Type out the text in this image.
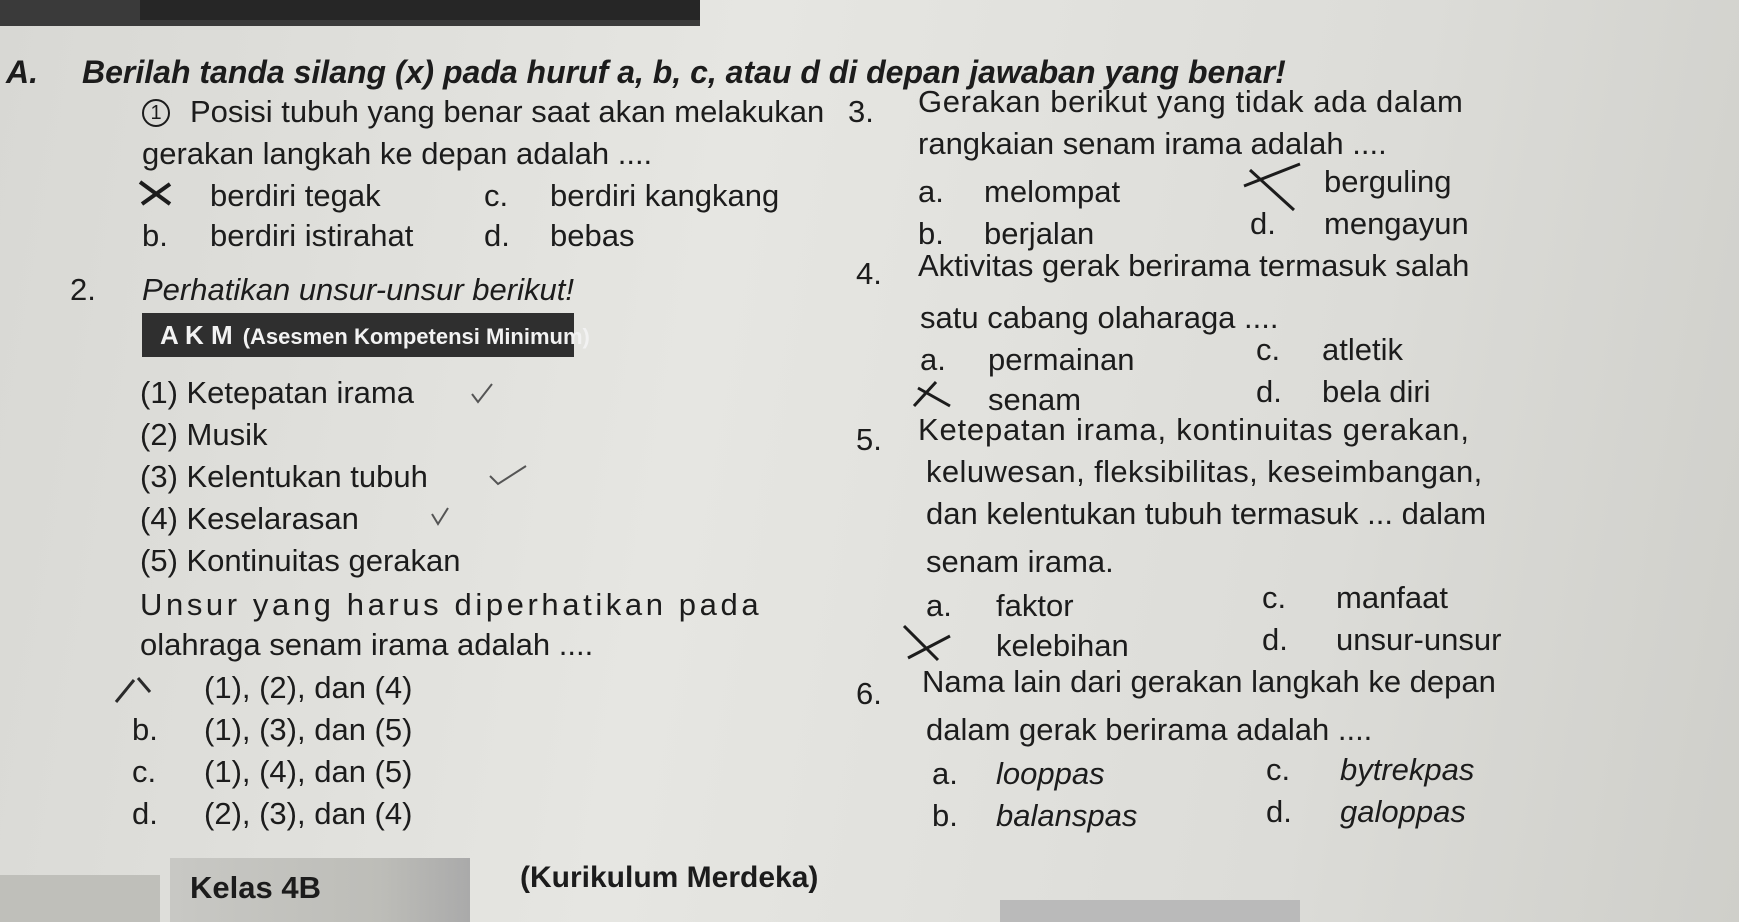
A. Berilah tanda silang (x) pada huruf a, b, c, atau d di depan jawaban yang benar!
1 Posisi tubuh yang benar saat akan melakukan
gerakan langkah ke depan adalah ....
berdiri tegak
b. berdiri istirahat
c. berdiri kangkang
d. bebas
2. Perhatikan unsur-unsur berikut!
A K M (Asesmen Kompetensi Minimum)
(1) Ketepatan irama
(2) Musik
(3) Kelentukan tubuh
(4) Keselarasan
(5) Kontinuitas gerakan
Unsur yang harus diperhatikan pada
olahraga senam irama adalah ....
(1), (2), dan (4)
b. (1), (3), dan (5)
c. (1), (4), dan (5)
d. (2), (3), dan (4)
3. Gerakan berikut yang tidak ada dalam
rangkaian senam irama adalah ....
a. melompat
b. berjalan
berguling
d. mengayun
4. Aktivitas gerak berirama termasuk salah
satu cabang olaharaga ....
a. permainan
senam
c. atletik
d. bela diri
5. Ketepatan irama, kontinuitas gerakan,
keluwesan, fleksibilitas, keseimbangan,
dan kelentukan tubuh termasuk ... dalam
senam irama.
a. faktor
kelebihan
c. manfaat
d. unsur-unsur
6. Nama lain dari gerakan langkah ke depan
dalam gerak berirama adalah ....
a. looppas
b. balanspas
c. bytrekpas
d. galoppas
Kelas 4B	(Kurikulum Merdeka)
